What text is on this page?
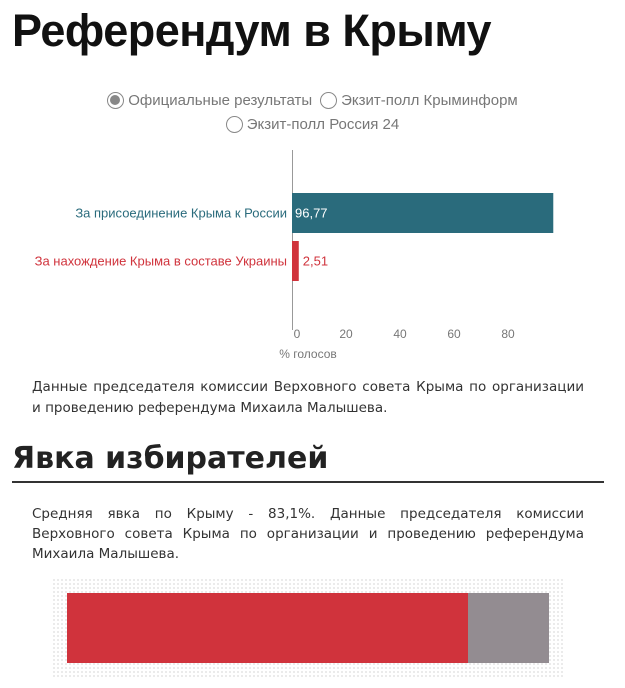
Референдум в Крыму
Официальные результаты Экзит-полл Крыминформ
Экзит-полл Россия 24
За присоединение Крыма к России 96,77
За нахождение Крыма в составе Украины 2,51
0	20	40	60	80
% голосов

Данные председателя комиссии Верховного совета Крыма по организации и проведению референдума Михаила Малышева.

Явка избирателей

Средняя явка по Крыму - 83,1%. Данные председателя комиссии Верховного совета Крыма по организации и проведению референдума Михаила Малышева.
